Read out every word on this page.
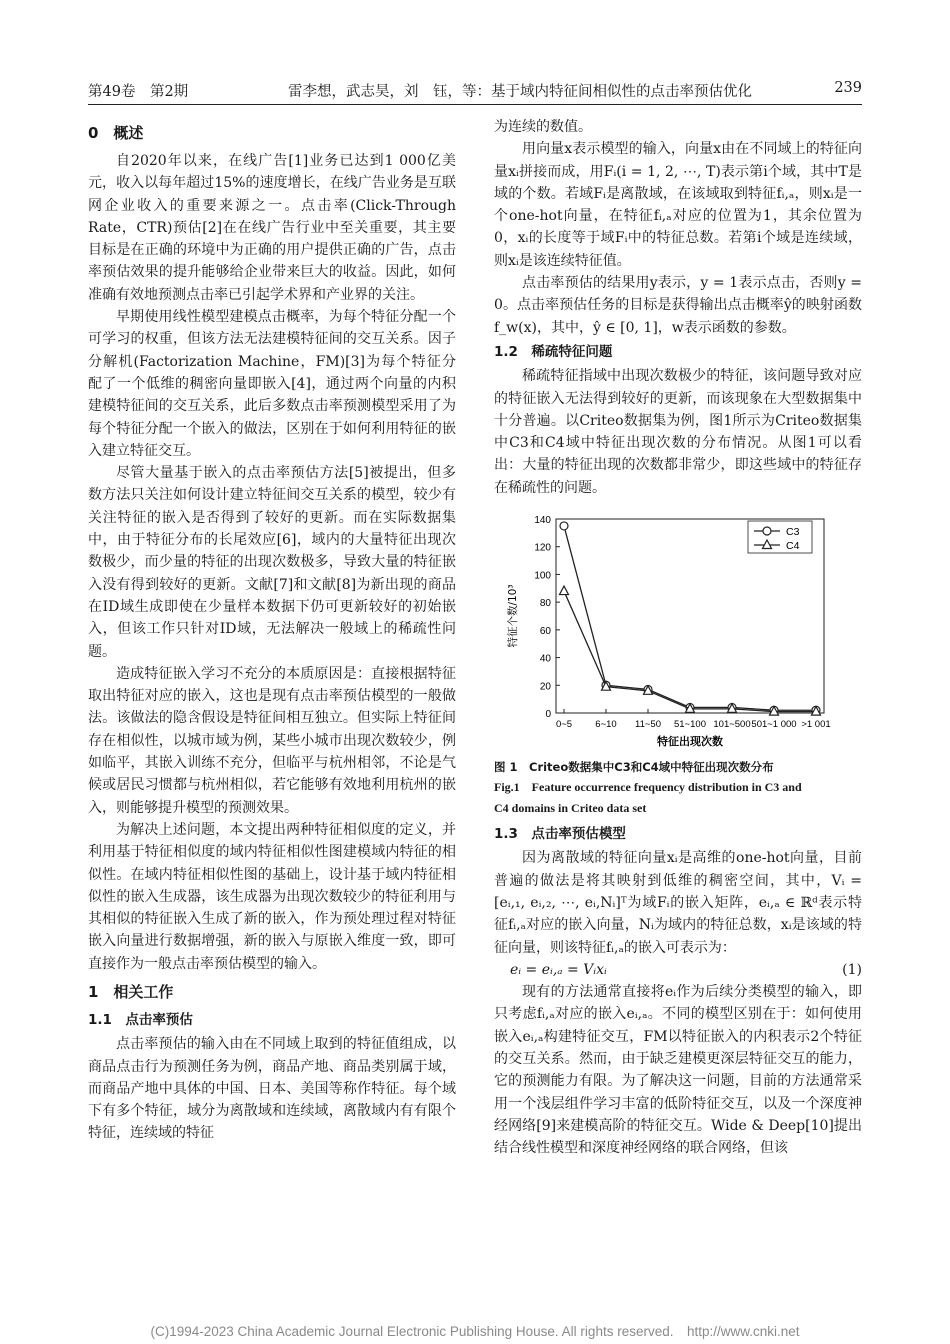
第49卷　第2期	雷李想，武志昊，刘　钰，等：基于域内特征间相似性的点击率预估优化	239

0　概述

自2020年以来，在线广告[1]业务已达到1 000亿美元，收入以每年超过15%的速度增长，在线广告业务是互联网企业收入的重要来源之一。点击率(Click-Through Rate，CTR)预估[2]在在线广告行业中至关重要，其主要目标是在正确的环境中为正确的用户提供正确的广告，点击率预估效果的提升能够给企业带来巨大的收益。因此，如何准确有效地预测点击率已引起学术界和产业界的关注。

早期使用线性模型建模点击概率，为每个特征分配一个可学习的权重，但该方法无法建模特征间的交互关系。因子分解机(Factorization Machine，FM)[3]为每个特征分配了一个低维的稠密向量即嵌入[4]，通过两个向量的内积建模特征间的交互关系，此后多数点击率预测模型采用了为每个特征分配一个嵌入的做法，区别在于如何利用特征的嵌入建立特征交互。

尽管大量基于嵌入的点击率预估方法[5]被提出，但多数方法只关注如何设计建立特征间交互关系的模型，较少有关注特征的嵌入是否得到了较好的更新。而在实际数据集中，由于特征分布的长尾效应[6]，域内的大量特征出现次数极少，而少量的特征的出现次数极多，导致大量的特征嵌入没有得到较好的更新。文献[7]和文献[8]为新出现的商品在ID域生成即使在少量样本数据下仍可更新较好的初始嵌入，但该工作只针对ID域，无法解决一般域上的稀疏性问题。

造成特征嵌入学习不充分的本质原因是：直接根据特征取出特征对应的嵌入，这也是现有点击率预估模型的一般做法。该做法的隐含假设是特征间相互独立。但实际上特征间存在相似性，以城市域为例，某些小城市出现次数较少，例如临平，其嵌入训练不充分，但临平与杭州相邻，不论是气候或居民习惯都与杭州相似，若它能够有效地利用杭州的嵌入，则能够提升模型的预测效果。

为解决上述问题，本文提出两种特征相似度的定义，并利用基于特征相似度的域内特征相似性图建模域内特征的相似性。在域内特征相似性图的基础上，设计基于域内特征相似性的嵌入生成器，该生成器为出现次数较少的特征利用与其相似的特征嵌入生成了新的嵌入，作为预处理过程对特征嵌入向量进行数据增强，新的嵌入与原嵌入维度一致，即可直接作为一般点击率预估模型的输入。

1　相关工作

1.1　点击率预估

点击率预估的输入由在不同域上取到的特征值组成，以商品点击行为预测任务为例，商品产地、商品类别属于域，而商品产地中具体的中国、日本、美国等称作特征。每个域下有多个特征，域分为离散域和连续域，离散域内有有限个特征，连续域的特征

为连续的数值。

用向量x表示模型的输入，向量x由在不同域上的特征向量xᵢ拼接而成，用Fᵢ(i = 1, 2, ⋯, T)表示第i个域，其中T是域的个数。若域Fᵢ是离散域，在该域取到特征fᵢ,ₐ，则xᵢ是一个one-hot向量，在特征fᵢ,ₐ对应的位置为1，其余位置为0，xᵢ的长度等于域Fᵢ中的特征总数。若第i个域是连续域，则xᵢ是该连续特征值。

点击率预估的结果用y表示，y = 1表示点击，否则y = 0。点击率预估任务的目标是获得输出点击概率ŷ的映射函数f_w(x)，其中，ŷ ∈ [0, 1]，w表示函数的参数。

1.2　稀疏特征问题

稀疏特征指域中出现次数极少的特征，该问题导致对应的特征嵌入无法得到较好的更新，而该现象在大型数据集中十分普遍。以Criteo数据集为例，图1所示为Criteo数据集中C3和C4域中特征出现次数的分布情况。从图1可以看出：大量的特征出现的次数都非常少，即这些域中的特征存在稀疏性的问题。

0
20
40
60
80
100
120
140
0~5 6~10 11~50 51~100 101~500 501~1 000 >1 001
特征出现次数
特征个数/10³
C3
C4

图 1　Criteo数据集中C3和C4域中特征出现次数分布

Fig.1　Feature occurrence frequency distribution in C3 and

C4 domains in Criteo data set

1.3　点击率预估模型

因为离散域的特征向量xᵢ是高维的one-hot向量，目前普遍的做法是将其映射到低维的稠密空间，其中，Vᵢ = [eᵢ,₁, eᵢ,₂, ⋯, eᵢ,Nᵢ]ᵀ为域Fᵢ的嵌入矩阵，eᵢ,ₐ ∈ ℝᵈ表示特征fᵢ,ₐ对应的嵌入向量，Nᵢ为域内的特征总数，xᵢ是该域的特征向量，则该特征fᵢ,ₐ的嵌入可表示为：

eᵢ = eᵢ,ₐ = Vᵢxᵢ	(1)

现有的方法通常直接将eᵢ作为后续分类模型的输入，即只考虑fᵢ,ₐ对应的嵌入eᵢ,ₐ。不同的模型区别在于：如何使用嵌入eᵢ,ₐ构建特征交互，FM以特征嵌入的内积表示2个特征的交互关系。然而，由于缺乏建模更深层特征交互的能力，它的预测能力有限。为了解决这一问题，目前的方法通常采用一个浅层组件学习丰富的低阶特征交互，以及一个深度神经网络[9]来建模高阶的特征交互。Wide & Deep[10]提出结合线性模型和深度神经网络的联合网络，但该

(C)1994-2023 China Academic Journal Electronic Publishing House. All rights reserved.　http://www.cnki.net
